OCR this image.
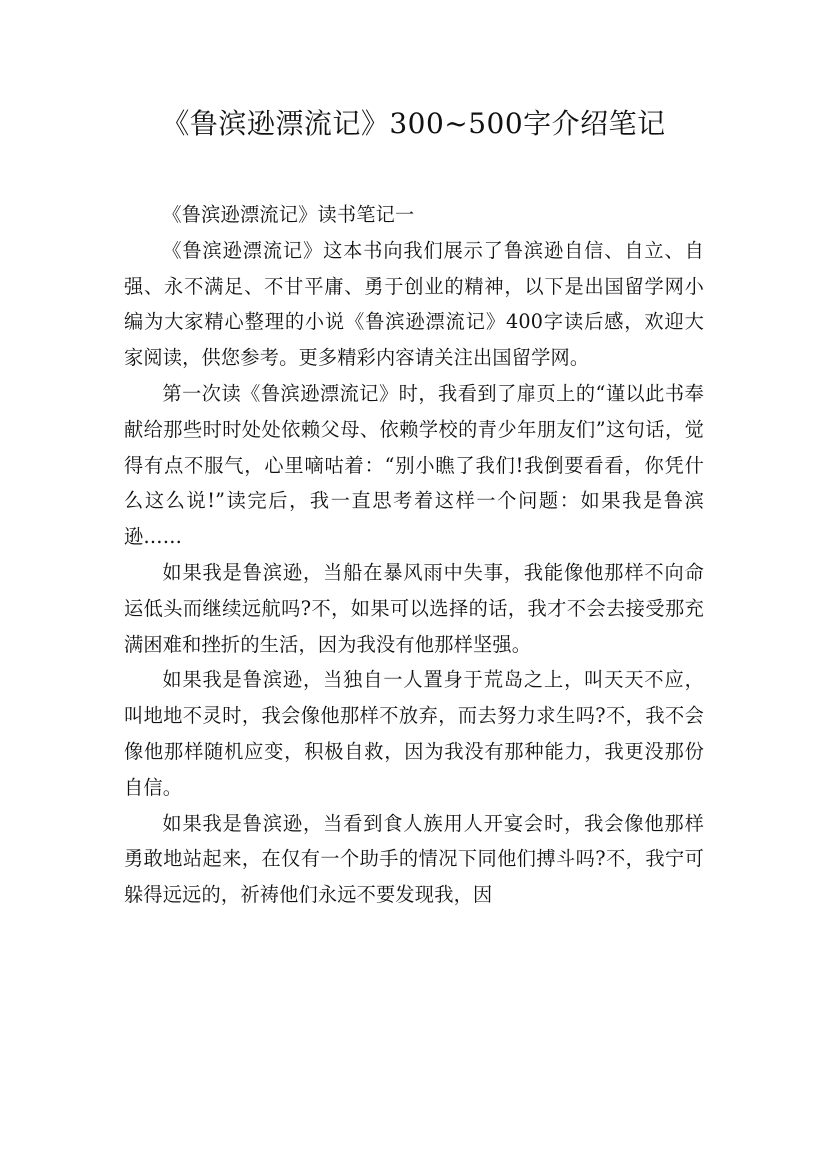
《鲁滨逊漂流记》300~500字介绍笔记

《鲁滨逊漂流记》读书笔记一

《鲁滨逊漂流记》这本书向我们展示了鲁滨逊自信、自立、自强、永不满足、不甘平庸、勇于创业的精神，以下是出国留学网小编为大家精心整理的小说《鲁滨逊漂流记》400字读后感，欢迎大家阅读，供您参考。更多精彩内容请关注出国留学网。

第一次读《鲁滨逊漂流记》时，我看到了扉页上的“谨以此书奉献给那些时时处处依赖父母、依赖学校的青少年朋友们”这句话，觉得有点不服气，心里嘀咕着：“别小瞧了我们!我倒要看看，你凭什么这么说!”读完后，我一直思考着这样一个问题：如果我是鲁滨逊……

如果我是鲁滨逊，当船在暴风雨中失事，我能像他那样不向命运低头而继续远航吗?不，如果可以选择的话，我才不会去接受那充满困难和挫折的生活，因为我没有他那样坚强。

如果我是鲁滨逊，当独自一人置身于荒岛之上，叫天天不应，叫地地不灵时，我会像他那样不放弃，而去努力求生吗?不，我不会像他那样随机应变，积极自救，因为我没有那种能力，我更没那份自信。

如果我是鲁滨逊，当看到食人族用人开宴会时，我会像他那样勇敢地站起来，在仅有一个助手的情况下同他们搏斗吗?不，我宁可躲得远远的，祈祷他们永远不要发现我，因
